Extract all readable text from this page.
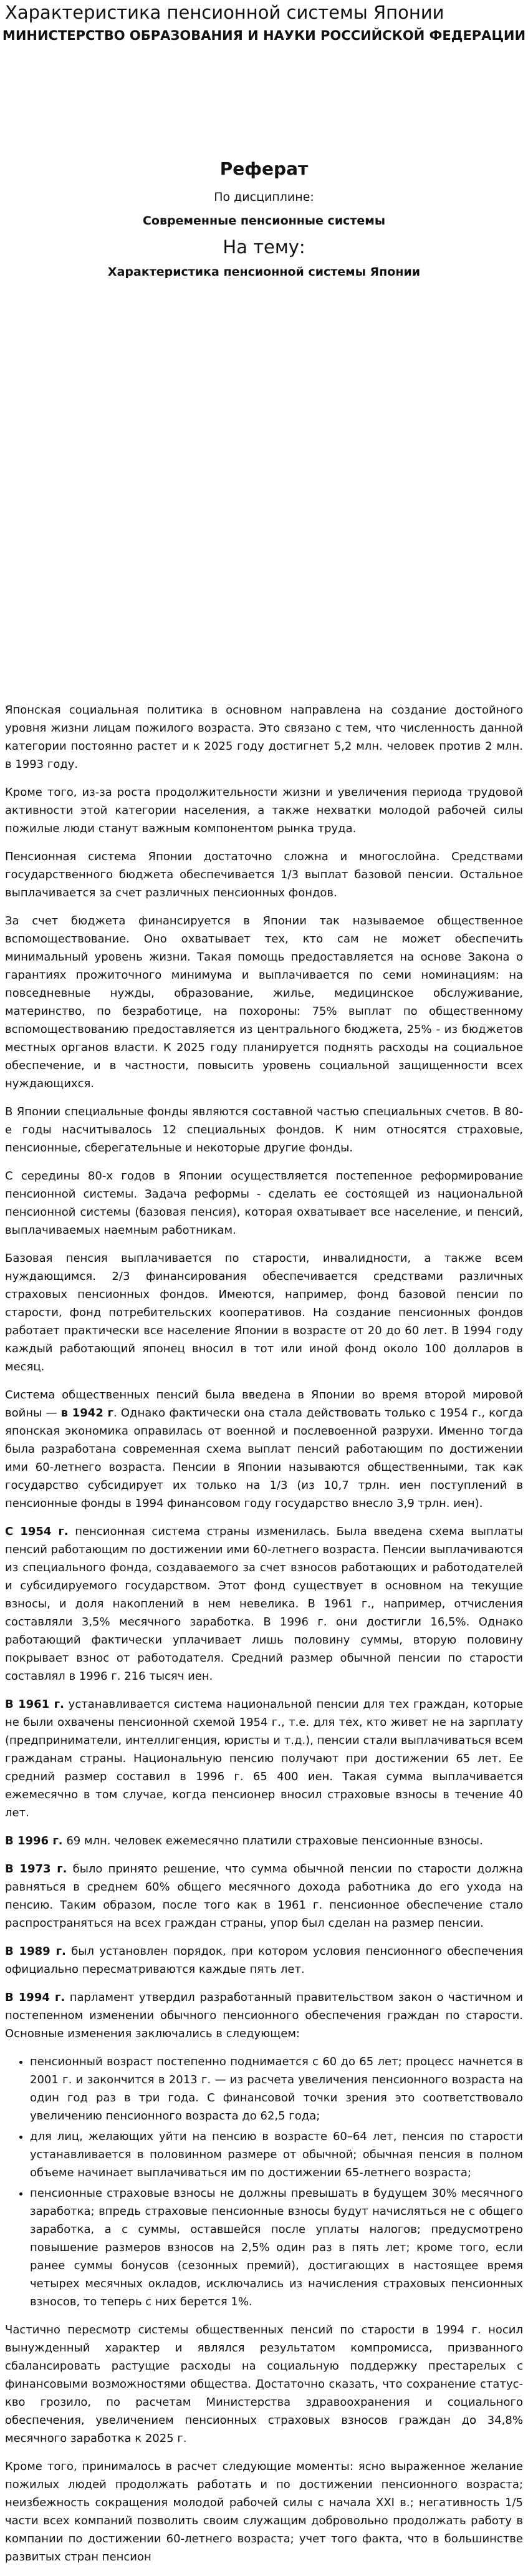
Характеристика пенсионной системы Японии
МИНИСТЕРСТВО ОБРАЗОВАНИЯ И НАУКИ РОССИЙСКОЙ ФЕДЕРАЦИИ
Реферат
По дисциплине:
Современные пенсионные системы
На тему:
Характеристика пенсионной системы Японии

Японская социальная политика в основном направлена на создание достойного уровня жизни лицам пожилого возраста. Это связано с тем, что численность данной категории постоянно растет и к 2025 году достигнет 5,2 млн. человек против 2 млн. в 1993 году.

Кроме того, из-за роста продолжительности жизни и увеличения периода трудовой активности этой категории населения, а также нехватки молодой рабочей силы пожилые люди станут важным компонентом рынка труда.

Пенсионная система Японии достаточно сложна и многослойна. Средствами государственного бюджета обеспечивается 1/3 выплат базовой пенсии. Остальное выплачивается за счет различных пенсионных фондов.

За счет бюджета финансируется в Японии так называемое общественное вспомоществование. Оно охватывает тех, кто сам не может обеспечить минимальный уровень жизни. Такая помощь предоставляется на основе Закона о гарантиях прожиточного минимума и выплачивается по семи номинациям: на повседневные нужды, образование, жилье, медицинское обслуживание, материнство, по безработице, на похороны: 75% выплат по общественному вспомоществованию предоставляется из центрального бюджета, 25% - из бюджетов местных органов власти. К 2025 году планируется поднять расходы на социальное обеспечение, и в частности, повысить уровень социальной защищенности всех нуждающихся.

В Японии специальные фонды являются составной частью специальных счетов. В 80-е годы насчитывалось 12 специальных фондов. К ним относятся страховые, пенсионные, сберегательные и некоторые другие фонды.

С середины 80-х годов в Японии осуществляется постепенное реформирование пенсионной системы. Задача реформы - сделать ее состоящей из национальной пенсионной системы (базовая пенсия), которая охватывает все население, и пенсий, выплачиваемых наемным работникам.

Базовая пенсия выплачивается по старости, инвалидности, а также всем нуждающимся. 2/3 финансирования обеспечивается средствами различных страховых пенсионных фондов. Имеются, например, фонд базовой пенсии по старости, фонд потребительских кооперативов. На создание пенсионных фондов работает практически все население Японии в возрасте от 20 до 60 лет. В 1994 году каждый работающий японец вносил в тот или иной фонд около 100 долларов в месяц.

Система общественных пенсий была введена в Японии во время второй мировой войны — в 1942 г. Однако фактически она стала действовать только с 1954 г., когда японская экономика оправилась от военной и послевоенной разрухи. Именно тогда была разработана современная схема выплат пенсий работающим по достижении ими 60-летнего возраста. Пенсии в Японии называются общественными, так как государство субсидирует их только на 1/3 (из 10,7 трлн. иен поступлений в пенсионные фонды в 1994 финансовом году государство внесло 3,9 трлн. иен).

С 1954 г. пенсионная система страны изменилась. Была введена схема выплаты пенсий работающим по достижении ими 60-летнего возраста. Пенсии выплачиваются из специального фонда, создаваемого за счет взносов работающих и работодателей и субсидируемого государством. Этот фонд существует в основном на текущие взносы, и доля накоплений в нем невелика. В 1961 г., например, отчисления составляли 3,5% месячного заработка. В 1996 г. они достигли 16,5%. Однако работающий фактически уплачивает лишь половину суммы, вторую половину покрывает взнос от работодателя. Средний размер обычной пенсии по старости составлял в 1996 г. 216 тысяч иен.

В 1961 г. устанавливается система национальной пенсии для тех граждан, которые не были охвачены пенсионной схемой 1954 г., т.е. для тех, кто живет не на зарплату (предприниматели, интеллигенция, юристы и т.д.), пенсии стали выплачиваться всем гражданам страны. Национальную пенсию получают при достижении 65 лет. Ее средний размер составил в 1996 г. 65 400 иен. Такая сумма выплачивается ежемесячно в том случае, когда пенсионер вносил страховые взносы в течение 40 лет.

В 1996 г. 69 млн. человек ежемесячно платили страховые пенсионные взносы.

В 1973 г. было принято решение, что сумма обычной пенсии по старости должна равняться в среднем 60% общего месячного дохода работника до его ухода на пенсию. Таким образом, после того как в 1961 г. пенсионное обеспечение стало распространяться на всех граждан страны, упор был сделан на размер пенсии.

В 1989 г. был установлен порядок, при котором условия пенсионного обеспечения официально пересматриваются каждые пять лет.

В 1994 г. парламент утвердил разработанный правительством закон о частичном и постепенном изменении обычного пенсионного обеспечения граждан по старости. Основные изменения заключались в следующем:

• пенсионный возраст постепенно поднимается с 60 до 65 лет; процесс начнется в 2001 г. и закончится в 2013 г. — из расчета увеличения пенсионного возраста на один год раз в три года. С финансовой точки зрения это соответствовало увеличению пенсионного возраста до 62,5 года;
• для лиц, желающих уйти на пенсию в возрасте 60–64 лет, пенсия по старости устанавливается в половинном размере от обычной; обычная пенсия в полном объеме начинает выплачиваться им по достижении 65-летнего возраста;
• пенсионные страховые взносы не должны превышать в будущем 30% месячного заработка; впредь страховые пенсионные взносы будут начисляться не с общего заработка, а с суммы, оставшейся после уплаты налогов; предусмотрено повышение размеров взносов на 2,5% один раз в пять лет; кроме того, если ранее суммы бонусов (сезонных премий), достигающих в настоящее время четырех месячных окладов, исключались из начисления страховых пенсионных взносов, то теперь с них берется 1%.

Частично пересмотр системы общественных пенсий по старости в 1994 г. носил вынужденный характер и являлся результатом компромисса, призванного сбалансировать растущие расходы на социальную поддержку престарелых с финансовыми возможностями общества. Достаточно сказать, что сохранение статус-кво грозило, по расчетам Министерства здравоохранения и социального обеспечения, увеличением пенсионных страховых взносов граждан до 34,8% месячного заработка к 2025 г.

Кроме того, принималось в расчет следующие моменты: ясно выраженное желание пожилых людей продолжать работать и по достижении пенсионного возраста; неизбежность сокращения молодой рабочей силы с начала XXI в.; негативность 1/5 части всех компаний позволить своим служащим добровольно продолжать работу в компании по достижении 60-летнего возраста; учет того факта, что в большинстве развитых стран пенсион
